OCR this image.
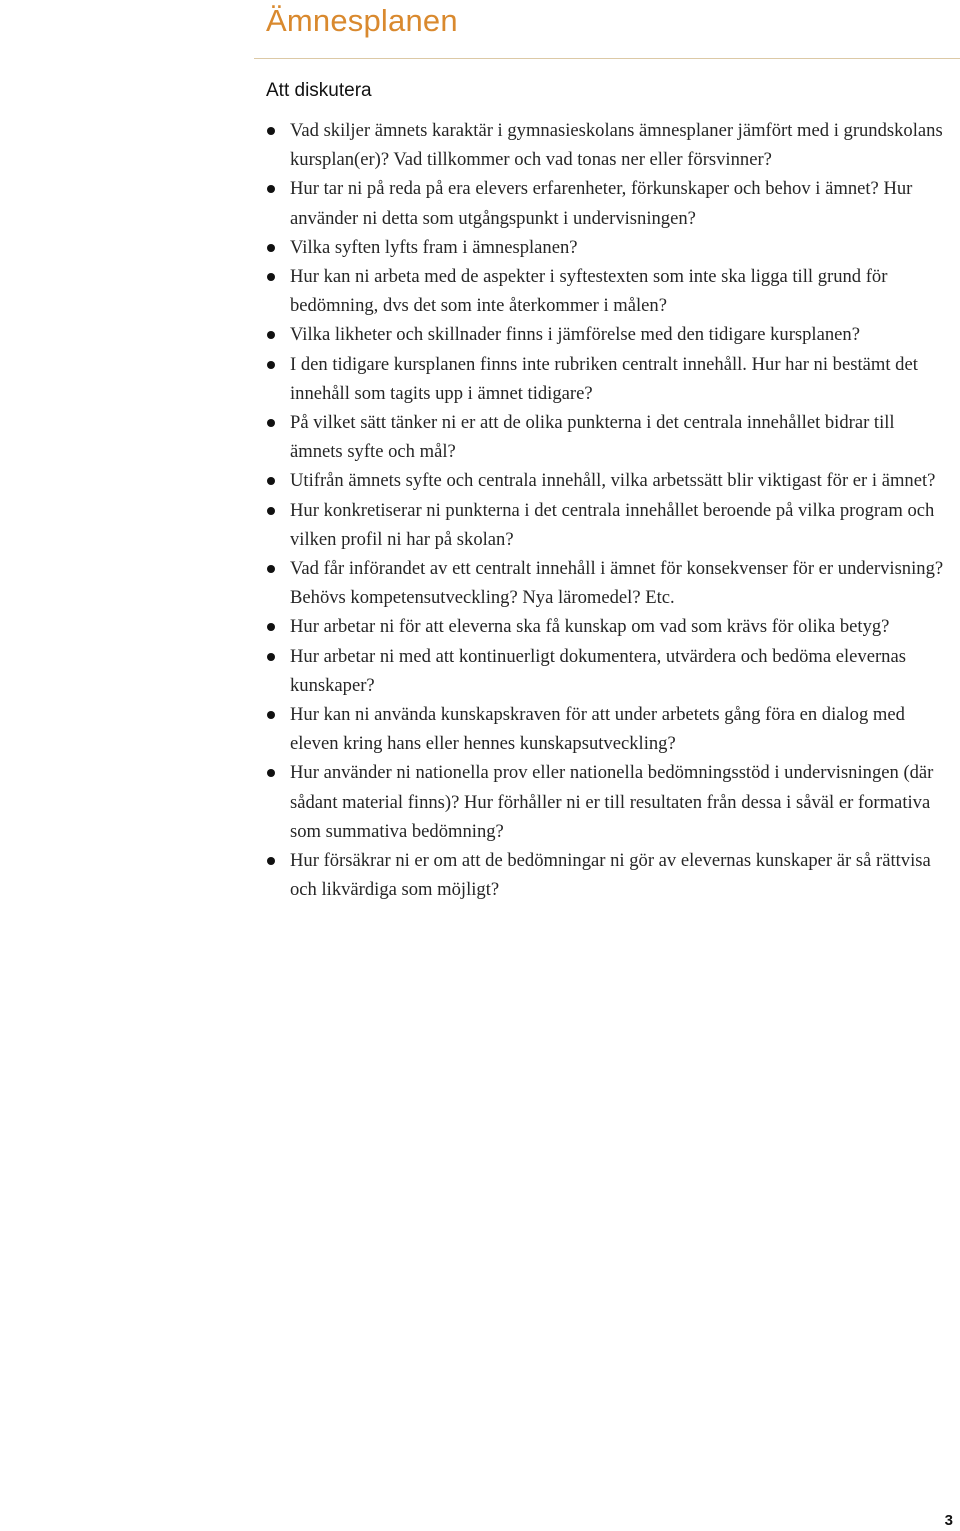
Ämnesplanen
Att diskutera
Vad skiljer ämnets karaktär i gymnasieskolans ämnesplaner jämfört med i grundskolans kursplan(er)? Vad tillkommer och vad tonas ner eller försvinner?
Hur tar ni på reda på era elevers erfarenheter, förkunskaper och behov i ämnet? Hur använder ni detta som utgångspunkt i undervisningen?
Vilka syften lyfts fram i ämnesplanen?
Hur kan ni arbeta med de aspekter i syftestexten som inte ska ligga till grund för bedömning, dvs det som inte återkommer i målen?
Vilka likheter och skillnader finns i jämförelse med den tidigare kursplanen?
I den tidigare kursplanen finns inte rubriken centralt innehåll. Hur har ni bestämt det innehåll som tagits upp i ämnet tidigare?
På vilket sätt tänker ni er att de olika punkterna i det centrala innehållet bidrar till ämnets syfte och mål?
Utifrån ämnets syfte och centrala innehåll, vilka arbetssätt blir viktigast för er i ämnet?
Hur konkretiserar ni punkterna i det centrala innehållet beroende på vilka program och vilken profil ni har på skolan?
Vad får införandet av ett centralt innehåll i ämnet för konsekvenser för er undervisning? Behövs kompetensutveckling? Nya läromedel? Etc.
Hur arbetar ni för att eleverna ska få kunskap om vad som krävs för olika betyg?
Hur arbetar ni med att kontinuerligt dokumentera, utvärdera och bedöma elevernas kunskaper?
Hur kan ni använda kunskapskraven för att under arbetets gång föra en dialog med eleven kring hans eller hennes kunskapsutveckling?
Hur använder ni nationella prov eller nationella bedömningsstöd i undervisningen (där sådant material finns)? Hur förhåller ni er till resultaten från dessa i såväl er formativa som summativa bedömning?
Hur försäkrar ni er om att de bedömningar ni gör av elevernas kunskaper är så rättvisa och likvärdiga som möjligt?
3
